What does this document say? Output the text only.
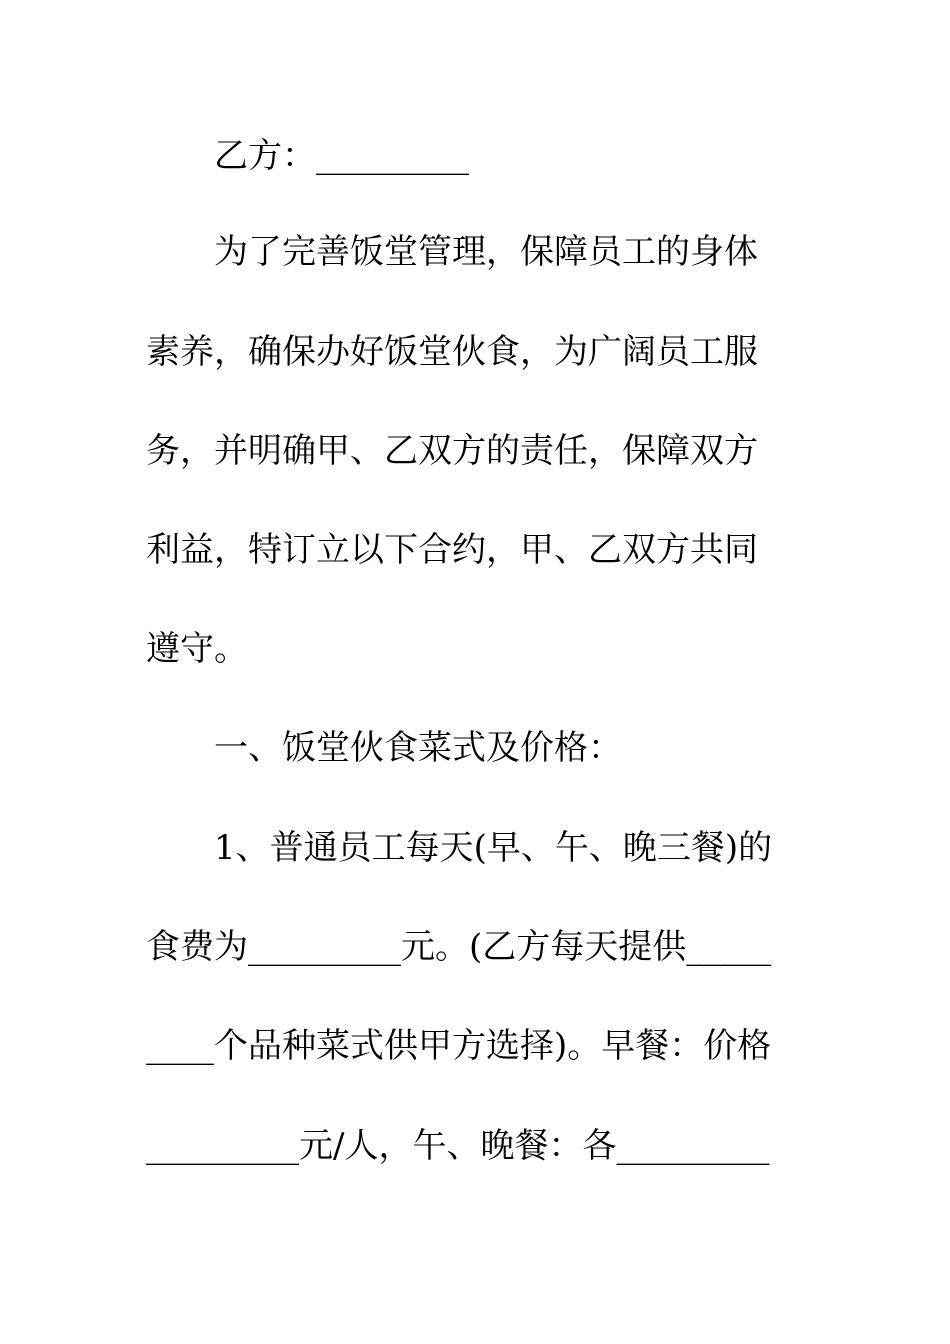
乙方：_________
为了完善饭堂管理，保障员工的身体
素养，确保办好饭堂伙食，为广阔员工服
务，并明确甲、乙双方的责任，保障双方
利益，特订立以下合约，甲、乙双方共同
遵守。
一、饭堂伙食菜式及价格：
1、普通员工每天(早、午、晚三餐)的
食费为_________元。(乙方每天提供_____
____个品种菜式供甲方选择)。早餐：价格
_________元/人，午、晚餐：各_________
